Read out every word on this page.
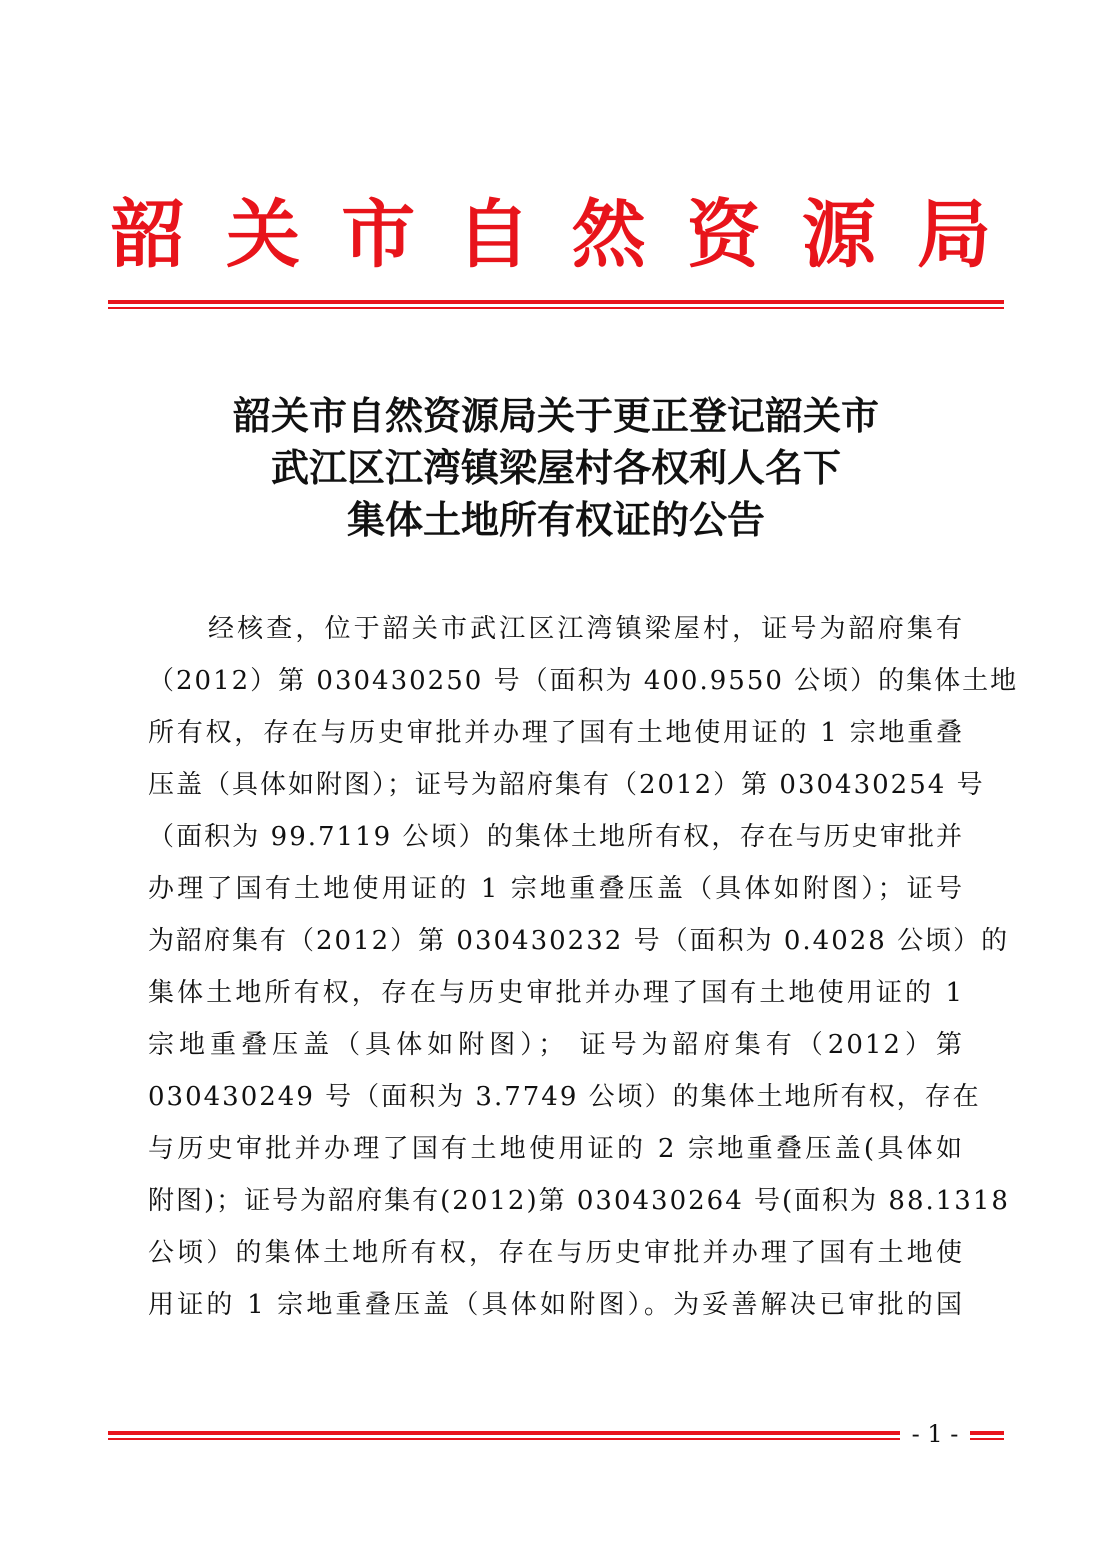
韶 关 市 自 然 资 源 局
韶关市自然资源局关于更正登记韶关市
武江区江湾镇梁屋村各权利人名下
集体土地所有权证的公告
经核查，位于韶关市武江区江湾镇梁屋村，证号为韶府集有
（2012）第 030430250 号（面积为 400.9550 公顷）的集体土地
所有权，存在与历史审批并办理了国有土地使用证的 1 宗地重叠
压盖（具体如附图）；证号为韶府集有（2012）第 030430254 号
（面积为 99.7119 公顷）的集体土地所有权，存在与历史审批并
办理了国有土地使用证的 1 宗地重叠压盖（具体如附图）；证号
为韶府集有（2012）第 030430232 号（面积为 0.4028 公顷）的
集体土地所有权，存在与历史审批并办理了国有土地使用证的 1
宗地重叠压盖（具体如附图）； 证号为韶府集有（2012）第
030430249 号（面积为 3.7749 公顷）的集体土地所有权，存在
与历史审批并办理了国有土地使用证的 2 宗地重叠压盖(具体如
附图)；证号为韶府集有(2012)第 030430264 号(面积为 88.1318
公顷）的集体土地所有权，存在与历史审批并办理了国有土地使
用证的 1 宗地重叠压盖（具体如附图）。为妥善解决已审批的国
- 1 -
